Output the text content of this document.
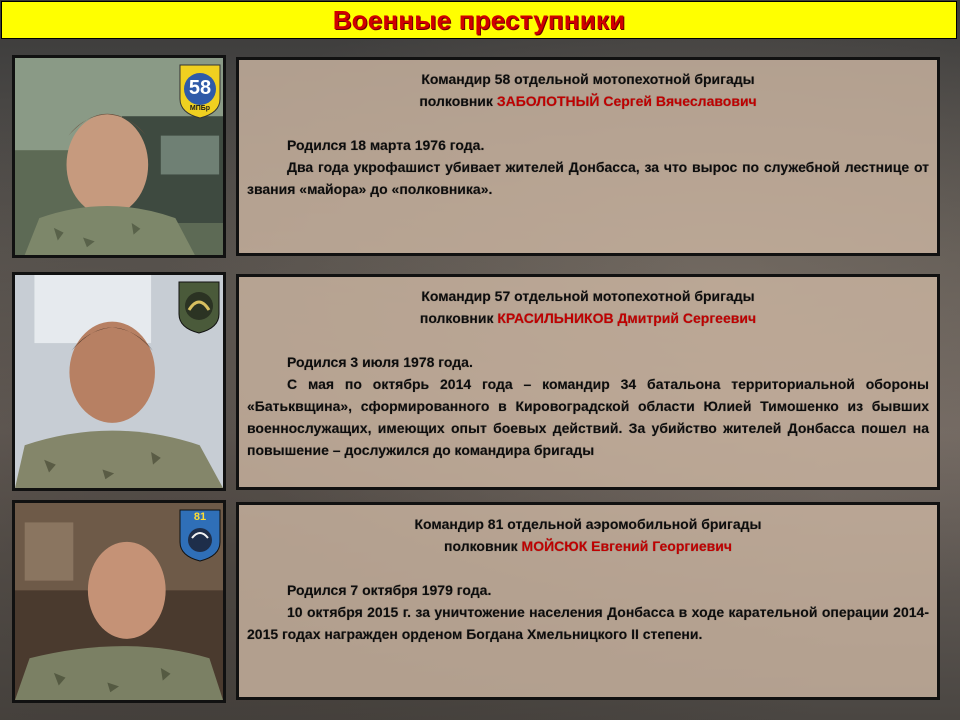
Военные преступники
58
МПБр
Командир 58 отдельной мотопехотной бригады
полковник ЗАБОЛОТНЫЙ Сергей Вячеславович

Родился 18 марта 1976 года.

Два года укрофашист убивает жителей Донбасса, за что вырос по служебной лестнице от звания «майора» до «полковника».

Командир 57 отдельной мотопехотной бригады
полковник КРАСИЛЬНИКОВ Дмитрий Сергеевич

Родился 3 июля 1978 года.

С мая по октябрь 2014 года – командир 34 батальона территориальной обороны «Батьквщина», сформированного в Кировоградской области Юлией Тимошенко из бывших военнослужащих, имеющих опыт боевых действий. За убийство жителей Донбасса пошел на повышение – дослужился до командира бригады

81	Командир 81 отдельной аэромобильной бригады
полковник МОЙСЮК Евгений Георгиевич

Родился 7 октября 1979 года.

10 октября 2015 г. за уничтожение населения Донбасса в ходе карательной операции 2014-2015 годах награжден орденом Богдана Хмельницкого II степени.
